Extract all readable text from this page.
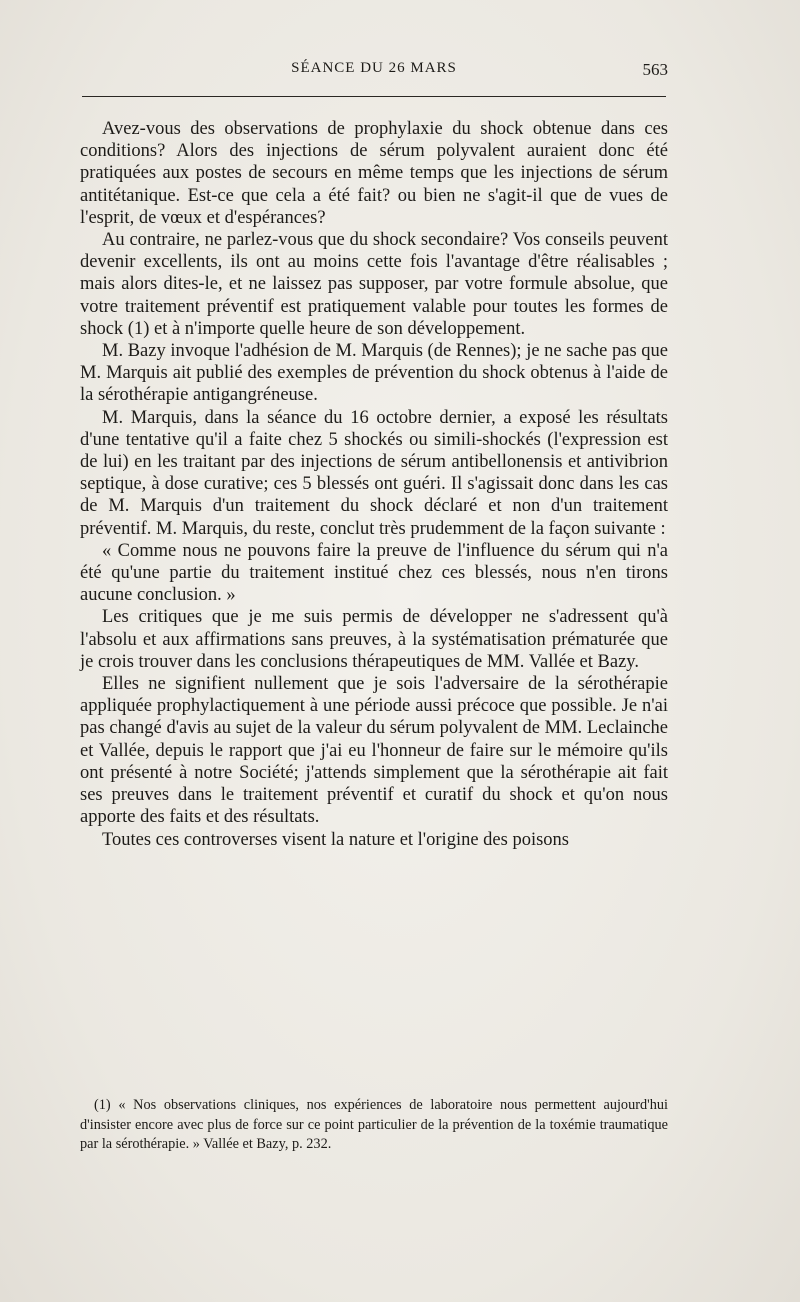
SÉANCE DU 26 MARS	563

Avez-vous des observations de prophylaxie du shock obtenue dans ces conditions? Alors des injections de sérum polyvalent auraient donc été pratiquées aux postes de secours en même temps que les injections de sérum antitétanique. Est-ce que cela a été fait? ou bien ne s'agit-il que de vues de l'esprit, de vœux et d'espérances?

Au contraire, ne parlez-vous que du shock secondaire? Vos conseils peuvent devenir excellents, ils ont au moins cette fois l'avantage d'être réalisables ; mais alors dites-le, et ne laissez pas supposer, par votre formule absolue, que votre traitement préventif est pratiquement valable pour toutes les formes de shock (1) et à n'importe quelle heure de son développement.

M. Bazy invoque l'adhésion de M. Marquis (de Rennes); je ne sache pas que M. Marquis ait publié des exemples de prévention du shock obtenus à l'aide de la sérothérapie antigangréneuse.

M. Marquis, dans la séance du 16 octobre dernier, a exposé les résultats d'une tentative qu'il a faite chez 5 shockés ou simili-shockés (l'expression est de lui) en les traitant par des injections de sérum antibellonensis et antivibrion septique, à dose curative; ces 5 blessés ont guéri. Il s'agissait donc dans les cas de M. Marquis d'un traitement du shock déclaré et non d'un traitement préventif. M. Marquis, du reste, conclut très prudemment de la façon suivante :

« Comme nous ne pouvons faire la preuve de l'influence du sérum qui n'a été qu'une partie du traitement institué chez ces blessés, nous n'en tirons aucune conclusion. »

Les critiques que je me suis permis de développer ne s'adressent qu'à l'absolu et aux affirmations sans preuves, à la systématisation prématurée que je crois trouver dans les conclusions thérapeutiques de MM. Vallée et Bazy.

Elles ne signifient nullement que je sois l'adversaire de la sérothérapie appliquée prophylactiquement à une période aussi précoce que possible. Je n'ai pas changé d'avis au sujet de la valeur du sérum polyvalent de MM. Leclainche et Vallée, depuis le rapport que j'ai eu l'honneur de faire sur le mémoire qu'ils ont présenté à notre Société; j'attends simplement que la sérothérapie ait fait ses preuves dans le traitement préventif et curatif du shock et qu'on nous apporte des faits et des résultats.

Toutes ces controverses visent la nature et l'origine des poisons

(1) « Nos observations cliniques, nos expériences de laboratoire nous permettent aujourd'hui d'insister encore avec plus de force sur ce point particulier de la prévention de la toxémie traumatique par la sérothérapie. » Vallée et Bazy, p. 232.
